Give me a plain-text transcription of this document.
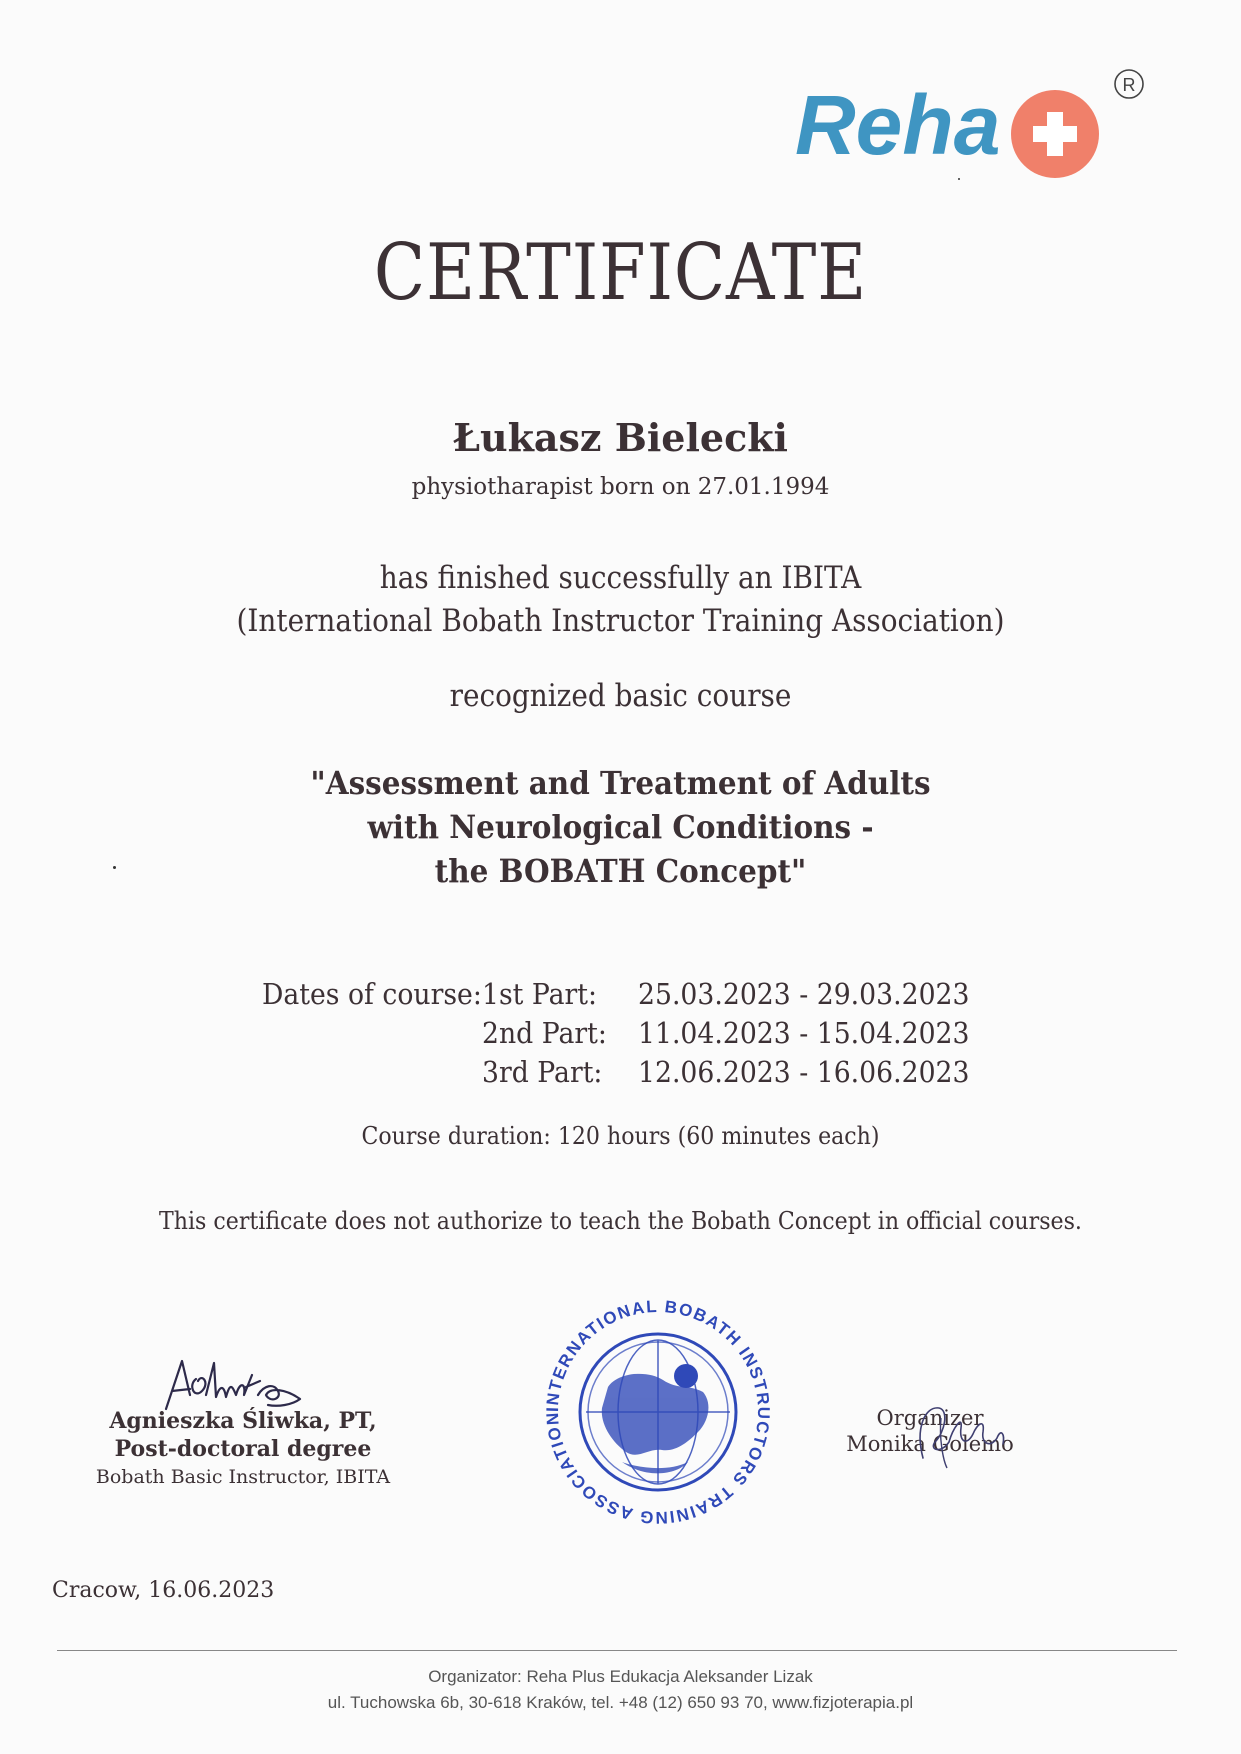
Reha	R
CERTIFICATE
Łukasz Bielecki
physiotharapist born on 27.01.1994
has finished successfully an IBITA
(International Bobath Instructor Training Association)
recognized basic course
"Assessment and Treatment of Adults
with Neurological Conditions -
the BOBATH Concept"
Dates of course: 1st Part: 25.03.2023 - 29.03.2023
2nd Part: 11.04.2023 - 15.04.2023
3rd Part: 12.06.2023 - 16.06.2023
Course duration: 120 hours (60 minutes each)
This certificate does not authorize to teach the Bobath Concept in official courses.
INTERNATIONAL BOBATH INSTRUCTORS TRAINING ASSOCIATION
Agnieszka Śliwka, PT,
Post-doctoral degree
Bobath Basic Instructor, IBITA
Organizer
Monika Golemo
Cracow, 16.06.2023
Organizator: Reha Plus Edukacja Aleksander Lizak
ul. Tuchowska 6b, 30-618 Kraków, tel. +48 (12) 650 93 70, www.fizjoterapia.pl
